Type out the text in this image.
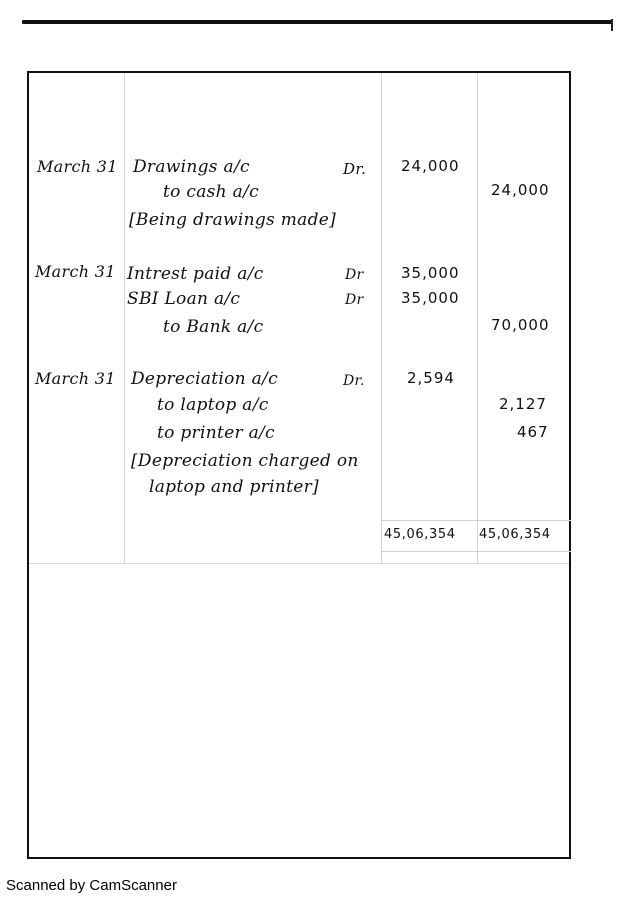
March 31 Drawings a/c
to cash a/c
[Being drawings made]
Dr. 24,000
24,000
March 31 Intrest paid a/c
SBI Loan a/c
to Bank a/c
Dr
Dr
35,000
35,000
70,000
March 31 Depreciation a/c
to laptop a/c
to printer a/c
[Depreciation charged on
laptop and printer]
Dr.	2,594
2,127
467
45,06,354 45,06,354
Scanned by CamScanner
